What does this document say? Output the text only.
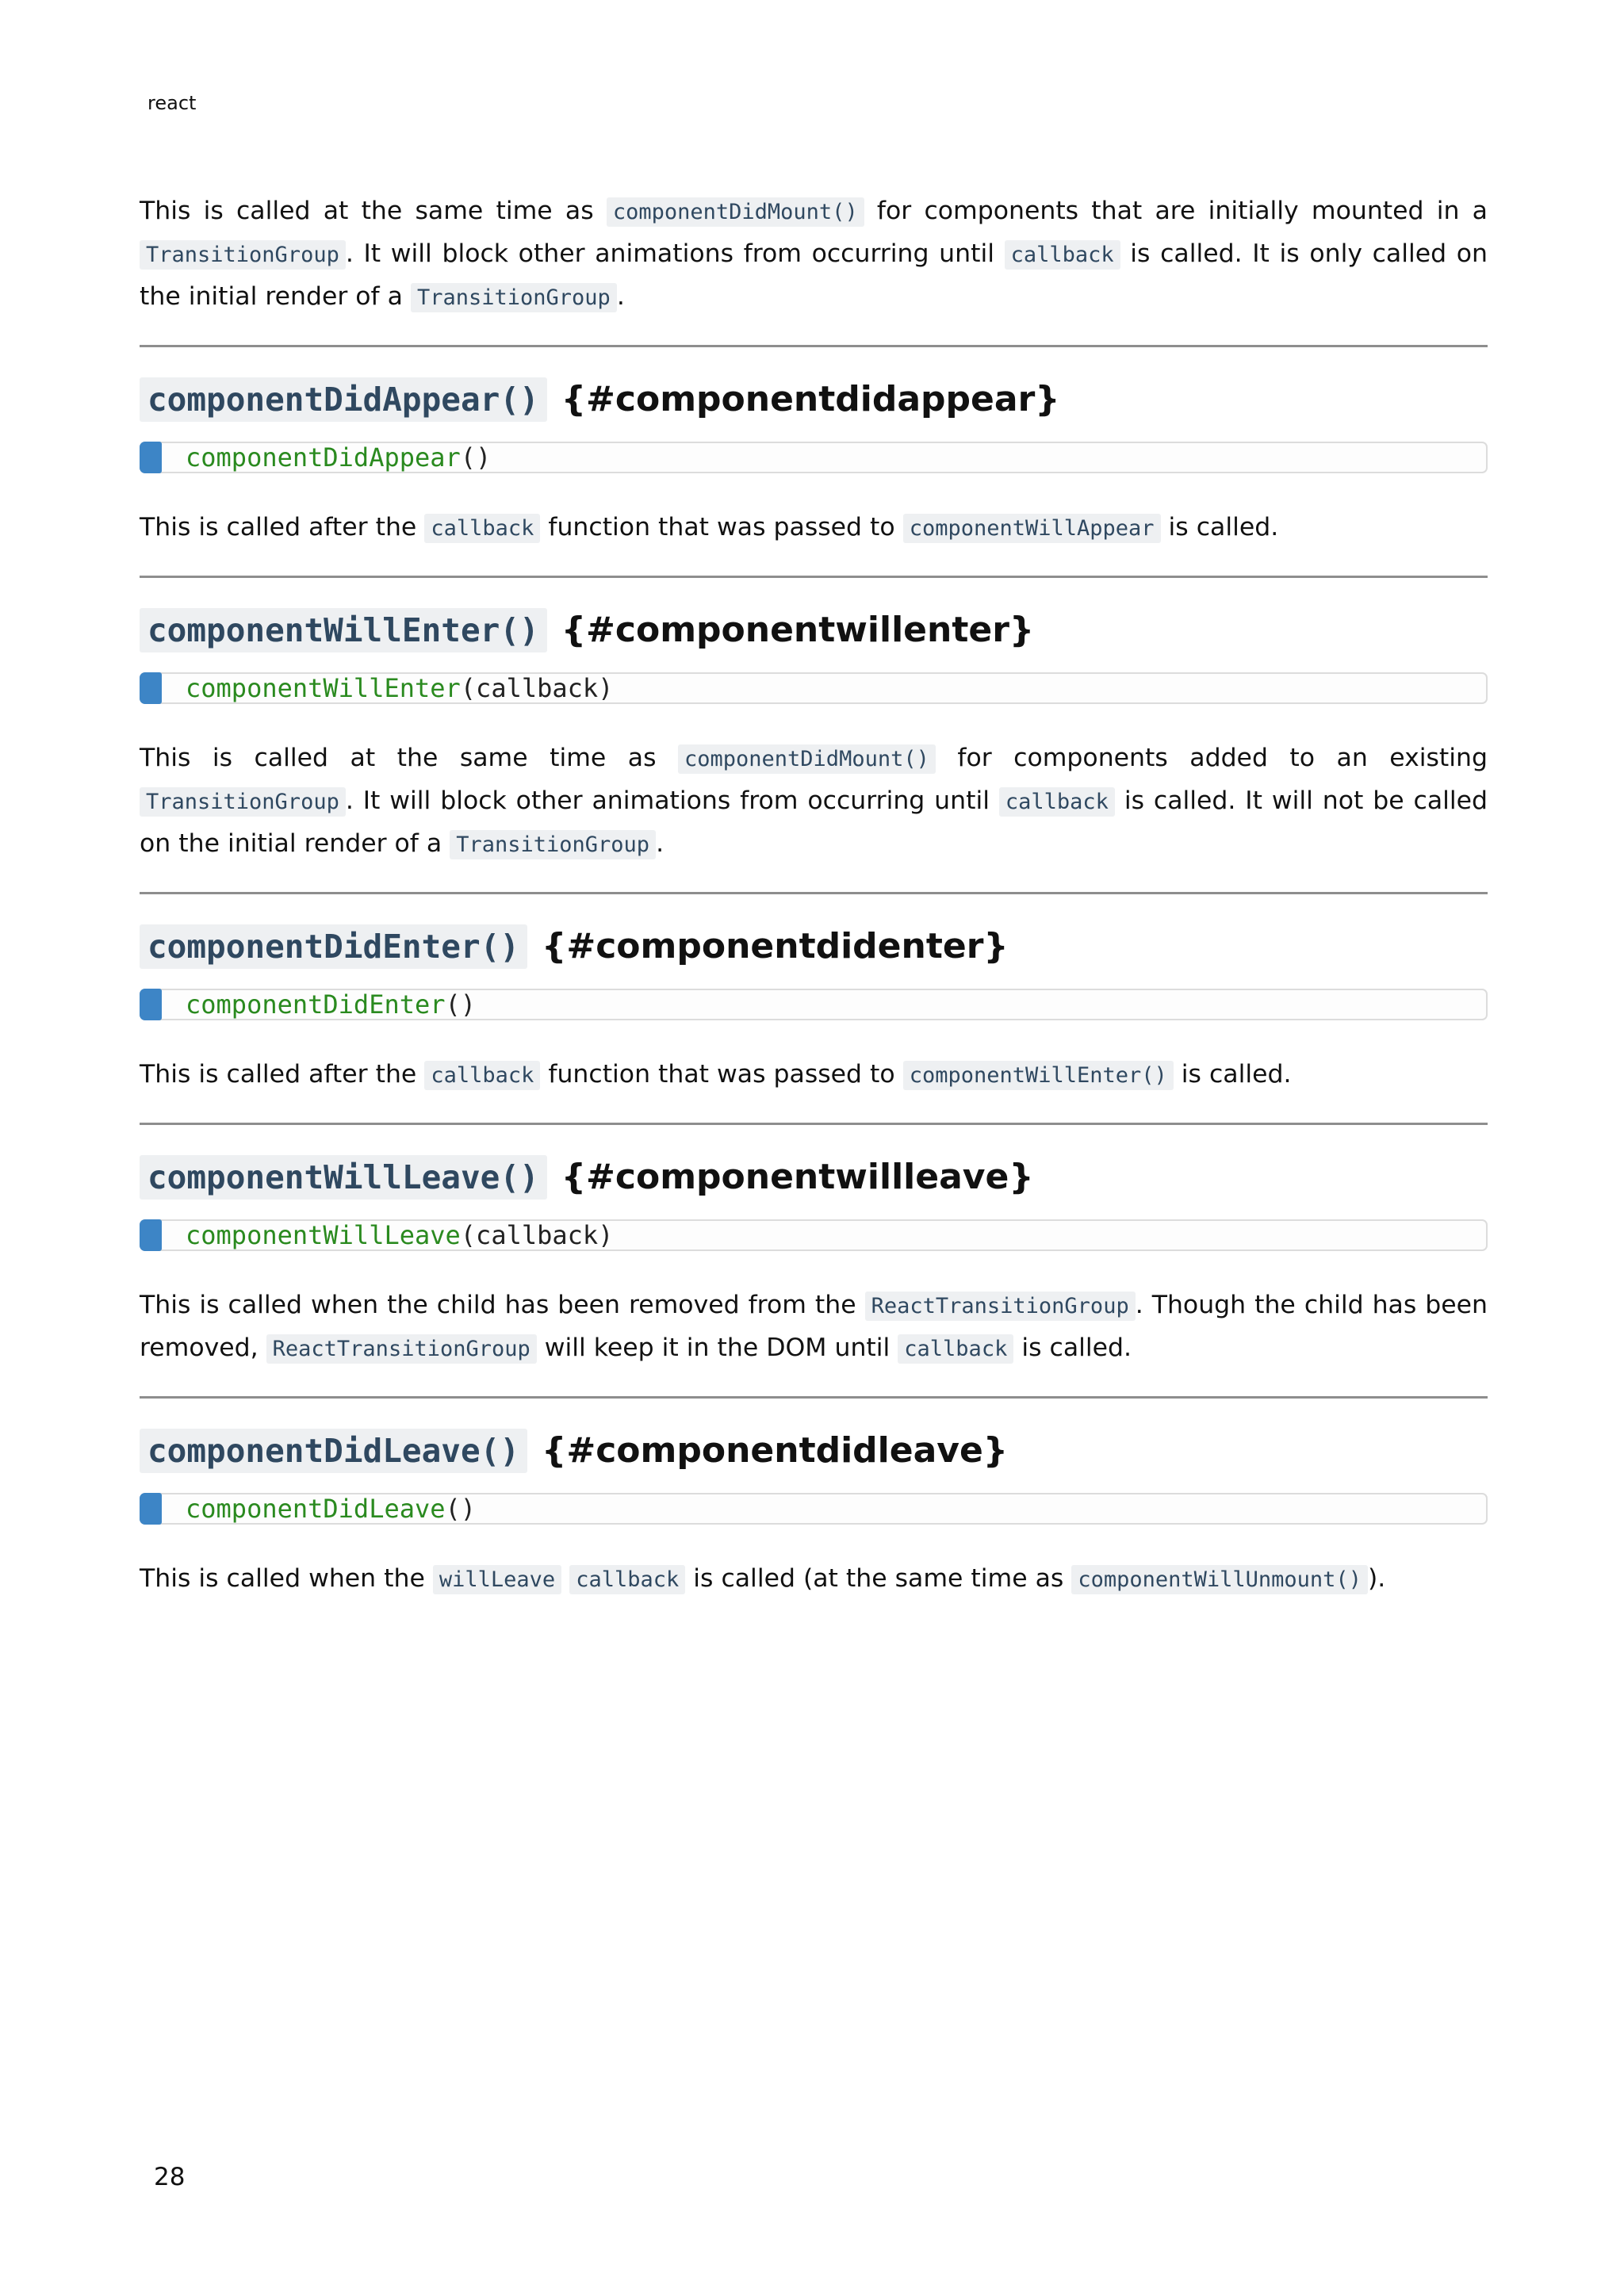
react

This is called at the same time as componentDidMount() for components that are initially mounted in a TransitionGroup . It will block other animations from occurring until callback is called. It is only called on the initial render of a TransitionGroup .

componentDidAppear() {#componentdidappear}
componentDidAppear()

This is called after the callback function that was passed to componentWillAppear is called.

componentWillEnter() {#componentwillenter}
componentWillEnter(callback)

This is called at the same time as componentDidMount() for components added to an existing TransitionGroup . It will block other animations from occurring until callback is called. It will not be called on the initial render of a TransitionGroup .

componentDidEnter() {#componentdidenter}
componentDidEnter()

This is called after the callback function that was passed to componentWillEnter() is called.

componentWillLeave() {#componentwillleave}
componentWillLeave(callback)

This is called when the child has been removed from the ReactTransitionGroup . Though the child has been removed, ReactTransitionGroup will keep it in the DOM until callback is called.

componentDidLeave() {#componentdidleave}
componentDidLeave()

This is called when the willLeave callback is called (at the same time as componentWillUnmount() ).

28
